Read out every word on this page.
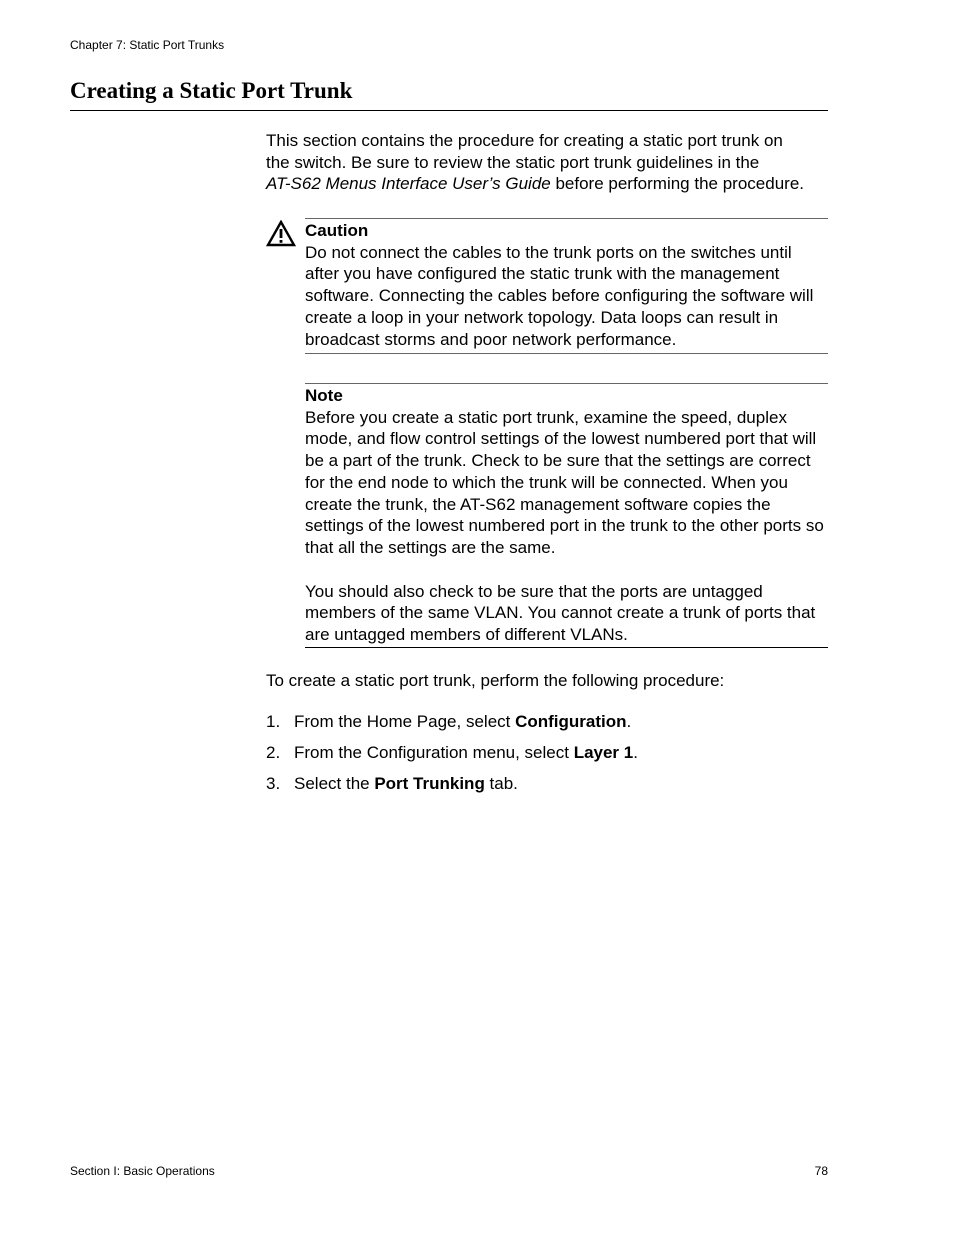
Chapter 7: Static Port Trunks
Creating a Static Port Trunk

This section contains the procedure for creating a static port trunk on
the switch. Be sure to review the static port trunk guidelines in the
AT-S62 Menus Interface User’s Guide before performing the procedure.

Caution

Do not connect the cables to the trunk ports on the switches until after you have configured the static trunk with the management software. Connecting the cables before configuring the software will create a loop in your network topology. Data loops can result in broadcast storms and poor network performance.

Note

Before you create a static port trunk, examine the speed, duplex mode, and flow control settings of the lowest numbered port that will be a part of the trunk. Check to be sure that the settings are correct for the end node to which the trunk will be connected. When you create the trunk, the AT-S62 management software copies the settings of the lowest numbered port in the trunk to the other ports so that all the settings are the same.

You should also check to be sure that the ports are untagged members of the same VLAN. You cannot create a trunk of ports that are untagged members of different VLANs.

To create a static port trunk, perform the following procedure:

1. From the Home Page, select Configuration.
2. From the Configuration menu, select Layer 1.
3. Select the Port Trunking tab.
Section I: Basic Operations	78
